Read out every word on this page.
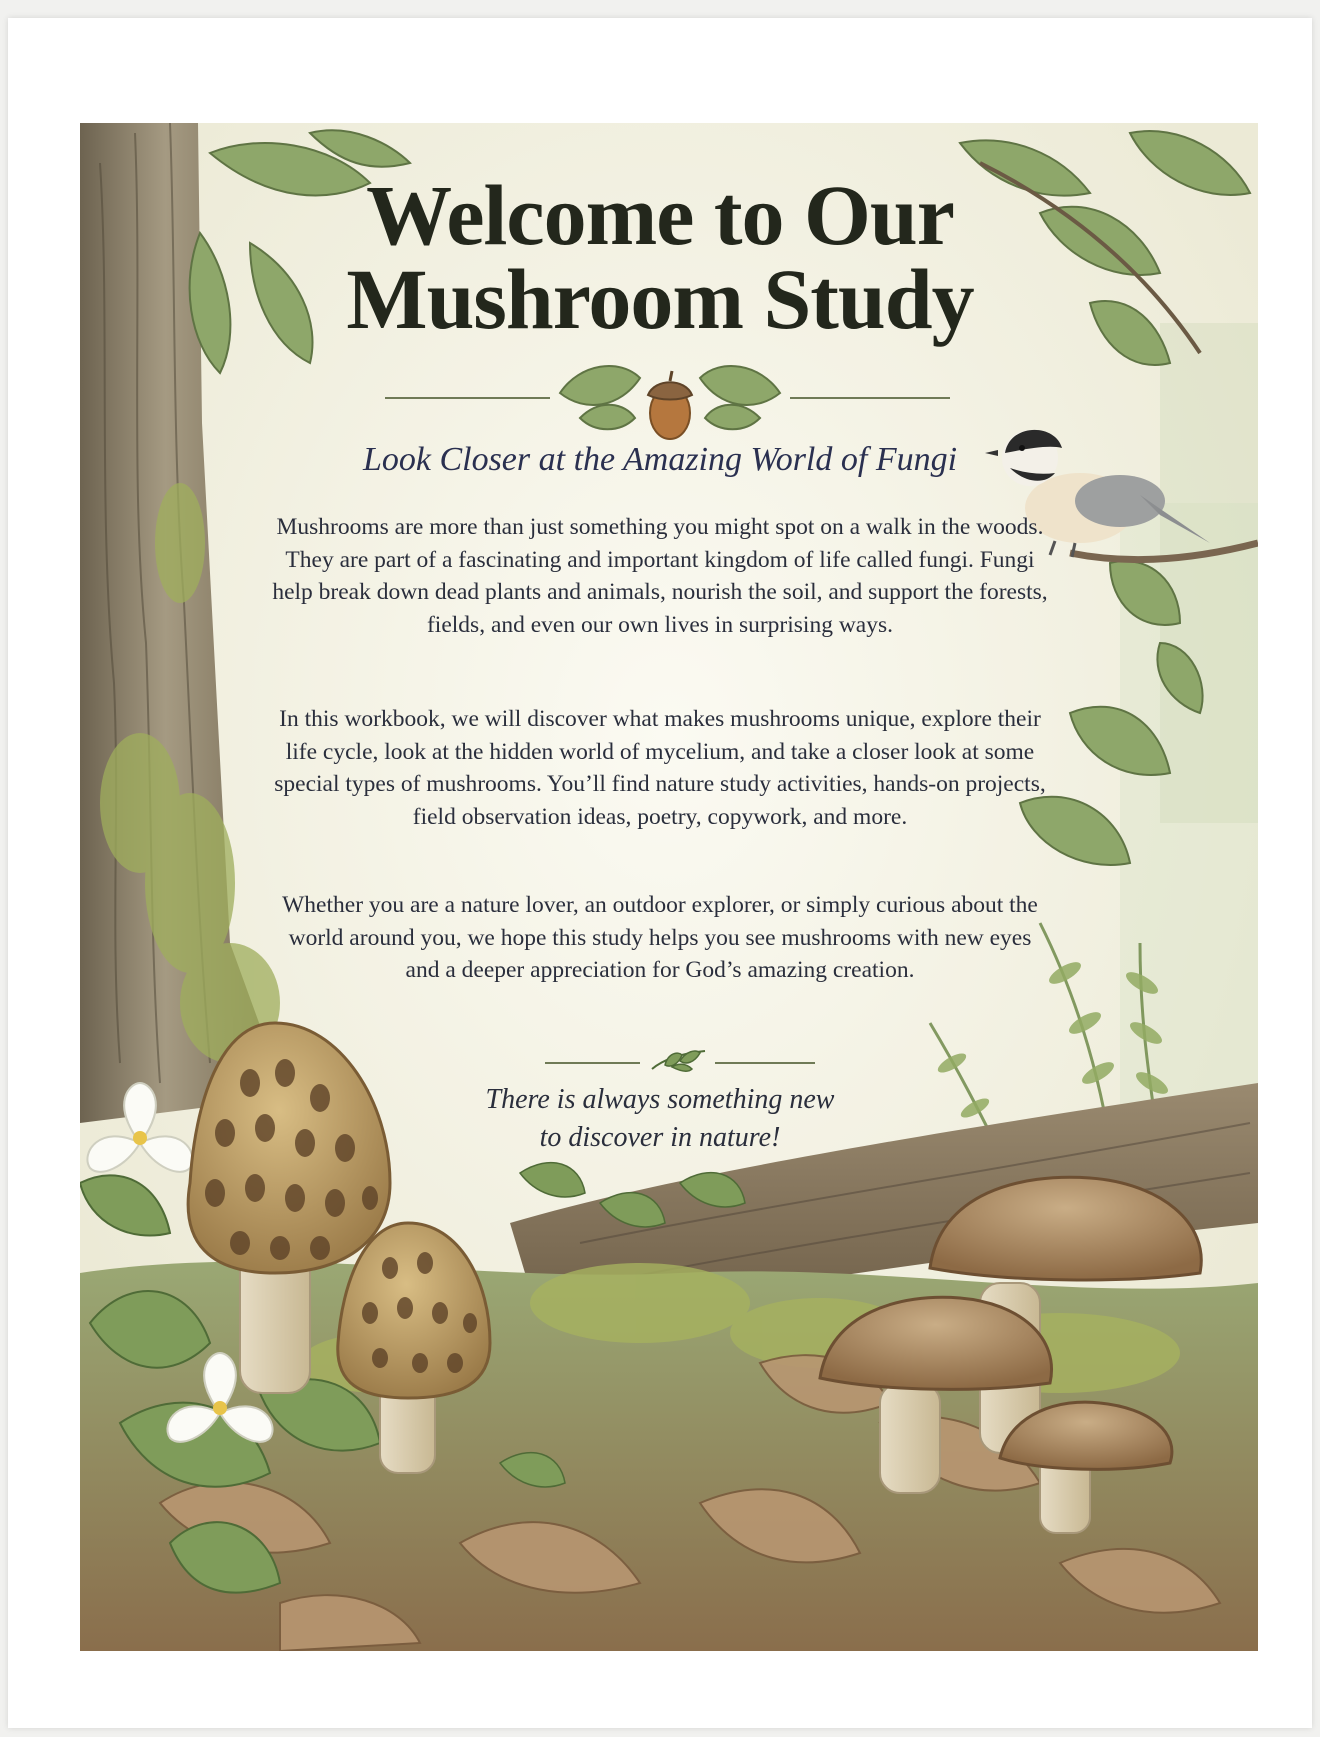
Welcome to Our
Mushroom Study

Look Closer at the Amazing World of Fungi

Mushrooms are more than just something you might spot on a walk in the woods. They are part of a fascinating and important kingdom of life called fungi. Fungi help break down dead plants and animals, nourish the soil, and support the forests, fields, and even our own lives in surprising ways.

In this workbook, we will discover what makes mushrooms unique, explore their life cycle, look at the hidden world of mycelium, and take a closer look at some special types of mushrooms. You’ll find nature study activities, hands-on projects, field observation ideas, poetry, copywork, and more.

Whether you are a nature lover, an outdoor explorer, or simply curious about the world around you, we hope this study helps you see mushrooms with new eyes and a deeper appreciation for God’s amazing creation.

There is always something new
to discover in nature!
